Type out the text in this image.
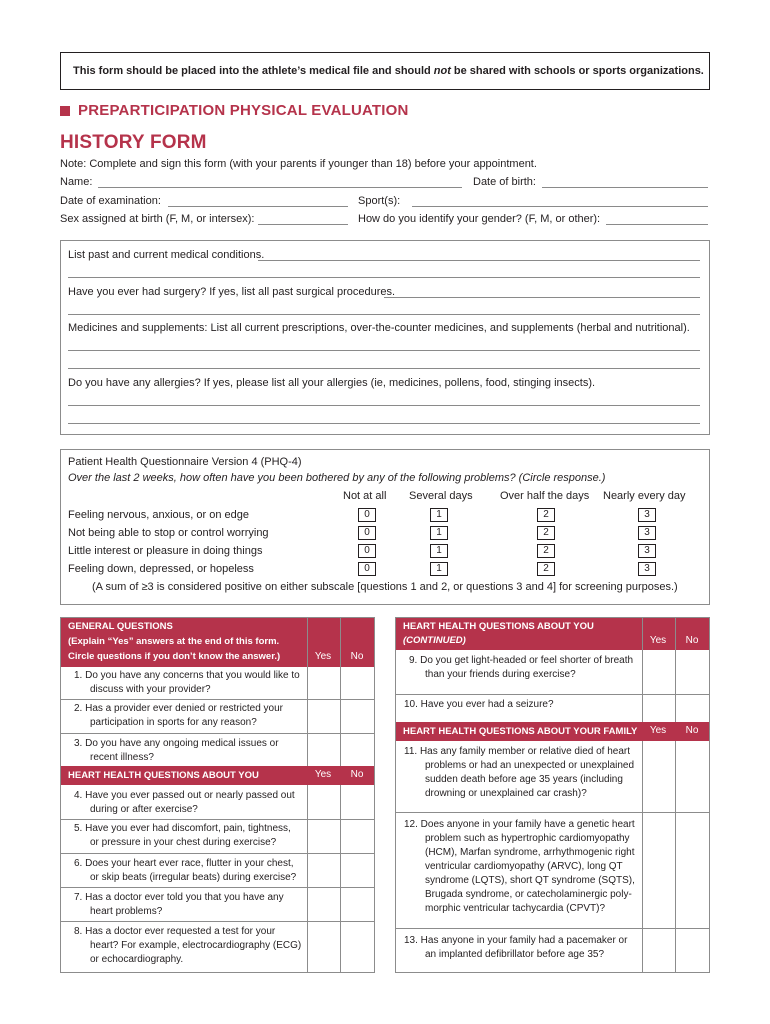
This form should be placed into the athlete’s medical file and should not be shared with schools or sports organizations.
PREPARTICIPATION PHYSICAL EVALUATION
HISTORY FORM
Note: Complete and sign this form (with your parents if younger than 18) before your appointment.
Name:	Date of birth:
Date of examination:	Sport(s):
Sex assigned at birth (F, M, or intersex):	How do you identify your gender? (F, M, or other):
List past and current medical conditions.
Have you ever had surgery? If yes, list all past surgical procedures.
Medicines and supplements: List all current prescriptions, over-the-counter medicines, and supplements (herbal and nutritional).
Do you have any allergies? If yes, please list all your allergies (ie, medicines, pollens, food, stinging insects).
Patient Health Questionnaire Version 4 (PHQ-4)
Over the last 2 weeks, how often have you been bothered by any of the following problems? (Circle response.)
Not at all Several days Over half the days Nearly every day
Feeling nervous, anxious, or on edge	0	1	2	3
Not being able to stop or control worrying	0	1	2	3
Little interest or pleasure in doing things	0	1	2	3
Feeling down, depressed, or hopeless	0	1	2	3
(A sum of ≥3 is considered positive on either subscale [questions 1 and 2, or questions 3 and 4] for screening purposes.)
GENERAL QUESTIONS
(Explain “Yes” answers at the end of this form.
Circle questions if you don’t know the answer.)	Yes	No
1. Do you have any concerns that you would like to
discuss with your provider?
2. Has a provider ever denied or restricted your
participation in sports for any reason?
3. Do you have any ongoing medical issues or
recent illness?
HEART HEALTH QUESTIONS ABOUT YOU	Yes	No
4. Have you ever passed out or nearly passed out
during or after exercise?
5. Have you ever had discomfort, pain, tightness,
or pressure in your chest during exercise?
6. Does your heart ever race, flutter in your chest,
or skip beats (irregular beats) during exercise?
7. Has a doctor ever told you that you have any
heart problems?
8. Has a doctor ever requested a test for your
heart? For example, electrocardiography (ECG)
or echocardiography.
HEART HEALTH QUESTIONS ABOUT YOU
(CONTINUED)	Yes	No
9. Do you get light-headed or feel shorter of breath
than your friends during exercise?
10. Have you ever had a seizure?
HEART HEALTH QUESTIONS ABOUT YOUR FAMILY	Yes	No
11. Has any family member or relative died of heart
problems or had an unexpected or unexplained
sudden death before age 35 years (including
drowning or unexplained car crash)?
12. Does anyone in your family have a genetic heart
problem such as hypertrophic cardiomyopathy
(HCM), Marfan syndrome, arrhythmogenic right
ventricular cardiomyopathy (ARVC), long QT
syndrome (LQTS), short QT syndrome (SQTS),
Brugada syndrome, or catecholaminergic poly-
morphic ventricular tachycardia (CPVT)?
13. Has anyone in your family had a pacemaker or
an implanted defibrillator before age 35?
